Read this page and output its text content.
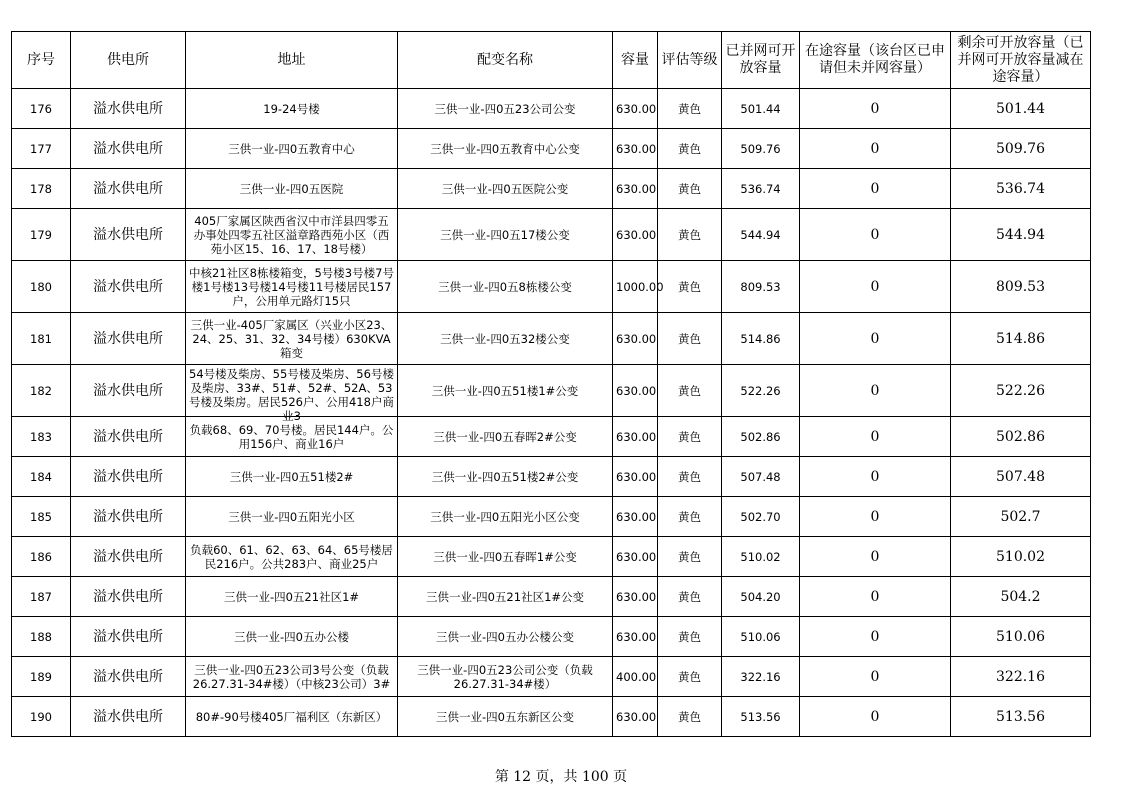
序号	供电所	地址	配变名称	容量	评估等级	已并网可开放容量	在途容量（该台区已申请但未并网容量）	剩余可开放容量（已并网可开放容量减在途容量）

176	溢水供电所	19-24号楼	三供一业-四0五23公司公变	630.00	黄色	501.44	0	501.44

177	溢水供电所	三供一业-四0五教育中心	三供一业-四0五教育中心公变	630.00	黄色	509.76	0	509.76

178	溢水供电所	三供一业-四0五医院	三供一业-四0五医院公变	630.00	黄色	536.74	0	536.74

179	溢水供电所	405厂家属区陕西省汉中市洋县四零五办事处四零五社区溢章路西苑小区（西苑小区15、16、17、18号楼）	三供一业-四0五17楼公变	630.00	黄色	544.94	0	544.94

180	溢水供电所	中核21社区8栋楼箱变，5号楼3号楼7号楼1号楼13号楼14号楼11号楼居民157户，公用单元路灯15只	三供一业-四0五8栋楼公变	1000.00	黄色	809.53	0	809.53

181	溢水供电所	三供一业-405厂家属区（兴业小区23、24、25、31、32、34号楼）630KVA箱变	三供一业-四0五32楼公变	630.00	黄色	514.86	0	514.86

182	溢水供电所	54号楼及柴房、55号楼及柴房、56号楼及柴房、33#、51#、52#、52A、53号楼及柴房。居民526户、公用418户商业3	三供一业-四0五51楼1#公变	630.00	黄色	522.26	0	522.26

183	溢水供电所	负载68、69、70号楼。居民144户。公用156户、商业16户	三供一业-四0五春晖2#公变	630.00	黄色	502.86	0	502.86

184	溢水供电所	三供一业-四0五51楼2#	三供一业-四0五51楼2#公变	630.00	黄色	507.48	0	507.48

185	溢水供电所	三供一业-四0五阳光小区	三供一业-四0五阳光小区公变	630.00	黄色	502.70	0	502.7

186	溢水供电所	负载60、61、62、63、64、65号楼居民216户。公共283户、商业25户	三供一业-四0五春晖1#公变	630.00	黄色	510.02	0	510.02

187	溢水供电所	三供一业-四0五21社区1#	三供一业-四0五21社区1#公变	630.00	黄色	504.20	0	504.2

188	溢水供电所	三供一业-四0五办公楼	三供一业-四0五办公楼公变	630.00	黄色	510.06	0	510.06

189	溢水供电所	三供一业-四0五23公司3号公变（负载26.27.31-34#楼）（中核23公司）3#	三供一业-四0五23公司公变（负载26.27.31-34#楼）	400.00	黄色	322.16	0	322.16

190	溢水供电所	80#-90号楼405厂福利区（东新区）	三供一业-四0五东新区公变	630.00	黄色	513.56	0	513.56
第 12 页，共 100 页
